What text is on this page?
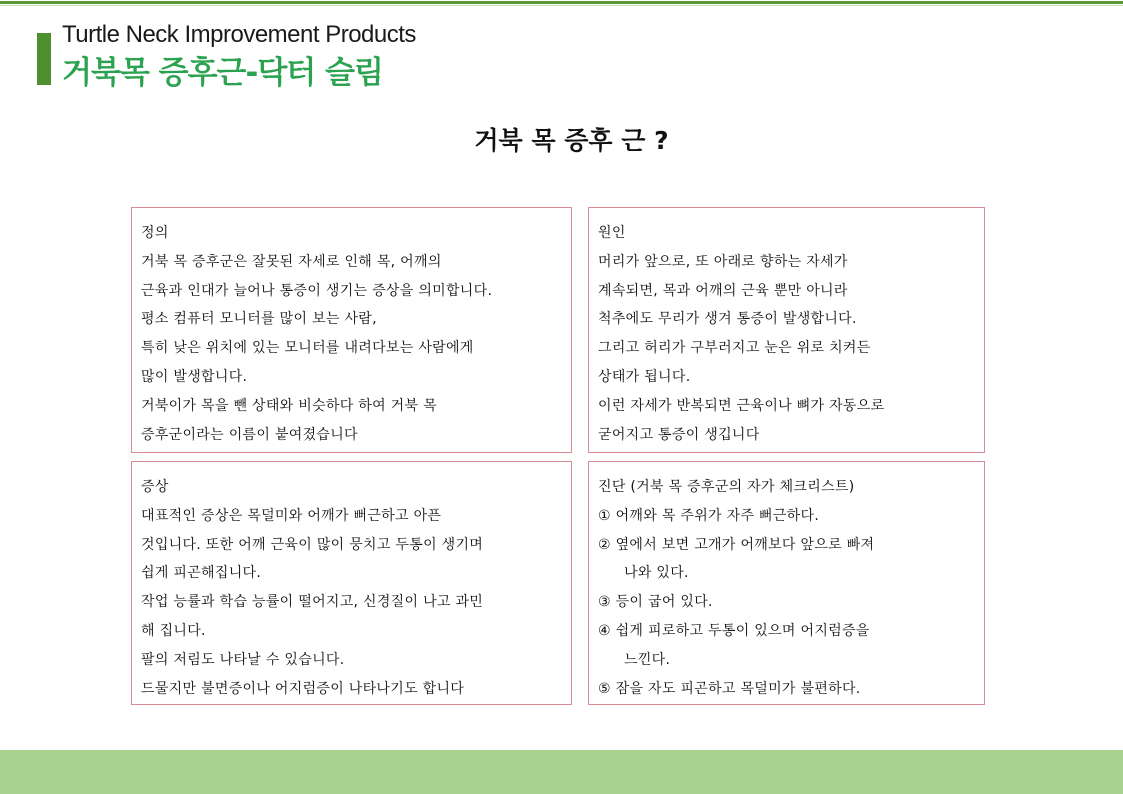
Turtle Neck Improvement Products
거북목 증후근-닥터 슬림
거북 목 증후 근 ?
정의
거북 목 증후군은 잘못된 자세로 인해 목, 어깨의
근육과 인대가 늘어나 통증이 생기는 증상을 의미합니다.
평소 컴퓨터 모니터를 많이 보는 사람,
특히 낮은 위치에 있는 모니터를 내려다보는 사람에게
많이 발생합니다.
거북이가 목을 뺀 상태와 비슷하다 하여 거북 목
증후군이라는 이름이 붙여졌습니다
원인
머리가 앞으로, 또 아래로 향하는 자세가
계속되면, 목과 어깨의 근육 뿐만 아니라
척추에도 무리가 생겨 통증이 발생합니다.
그리고 허리가 구부러지고 눈은 위로 치켜든
상태가 됩니다.
이런 자세가 반복되면 근육이나 뼈가 자동으로
굳어지고 통증이 생깁니다
증상
대표적인 증상은 목덜미와 어깨가 뻐근하고 아픈
것입니다. 또한 어깨 근육이 많이 뭉치고 두통이 생기며
쉽게 피곤해집니다.
작업 능률과 학습 능률이 떨어지고, 신경질이 나고 과민
해 집니다.
팔의 저림도 나타날 수 있습니다.
드물지만 불면증이나 어지럼증이 나타나기도 합니다
진단 (거북 목 증후군의 자가 체크리스트)
① 어깨와 목 주위가 자주 뻐근하다.
② 옆에서 보면 고개가 어깨보다 앞으로 빠져
나와 있다.
③ 등이 굽어 있다.
④ 쉽게 피로하고 두통이 있으며 어지럼증을
느낀다.
⑤ 잠을 자도 피곤하고 목덜미가 불편하다.
